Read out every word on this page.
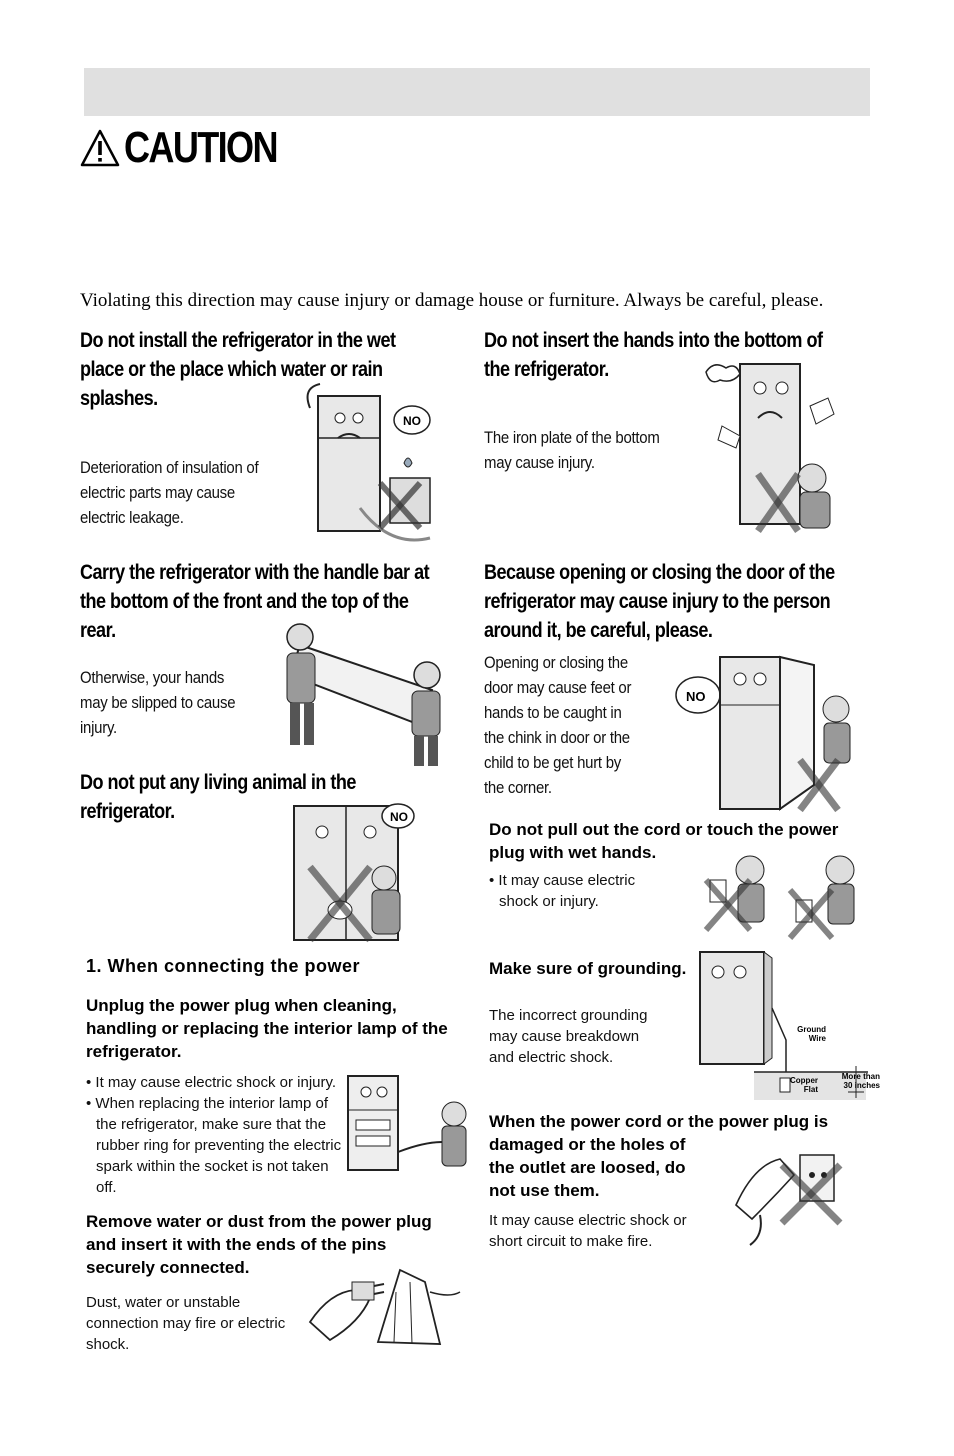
CAUTION
Violating this direction may cause injury or damage house or furniture. Always be careful, please.
Do not install the refrigerator in the wet
place or the place which water or rain
splashes.
Deterioration of insulation of
electric parts may cause
electric leakage.
NO
Carry the refrigerator with the handle bar at
the bottom of the front and the top of the
rear.
Otherwise, your hands
may be slipped to cause
injury.
Do not put any living animal in the
refrigerator.	NO
1. When connecting the power
Unplug the power plug when cleaning,
handling or replacing the interior lamp of the
refrigerator.
• It may cause electric shock or injury.
• When replacing the interior lamp of the refrigerator, make sure that the rubber ring for preventing the electric spark within the socket is not taken off.
Remove water or dust from the power plug
and insert it with the ends of the pins
securely connected.
Dust, water or unstable
connection may fire or electric
shock.
Do not insert the hands into the bottom of
the refrigerator.
The iron plate of the bottom
may cause injury.
Because opening or closing the door of the
refrigerator may cause injury to the person
around it, be careful, please.
Opening or closing the
door may cause feet or
hands to be caught in
the chink in door or the
child to be get hurt by
the corner.
NO
Do not pull out the cord or touch the power
plug with wet hands.
• It may cause electric
shock or injury.
Make sure of grounding.
The incorrect grounding
may cause breakdown
and electric shock.
Ground
Wire
Copper
Flat
More than
30 inches
When the power cord or the power plug is
damaged or the holes of
the outlet are loosed, do
not use them.
It may cause electric shock or
short circuit to make fire.
